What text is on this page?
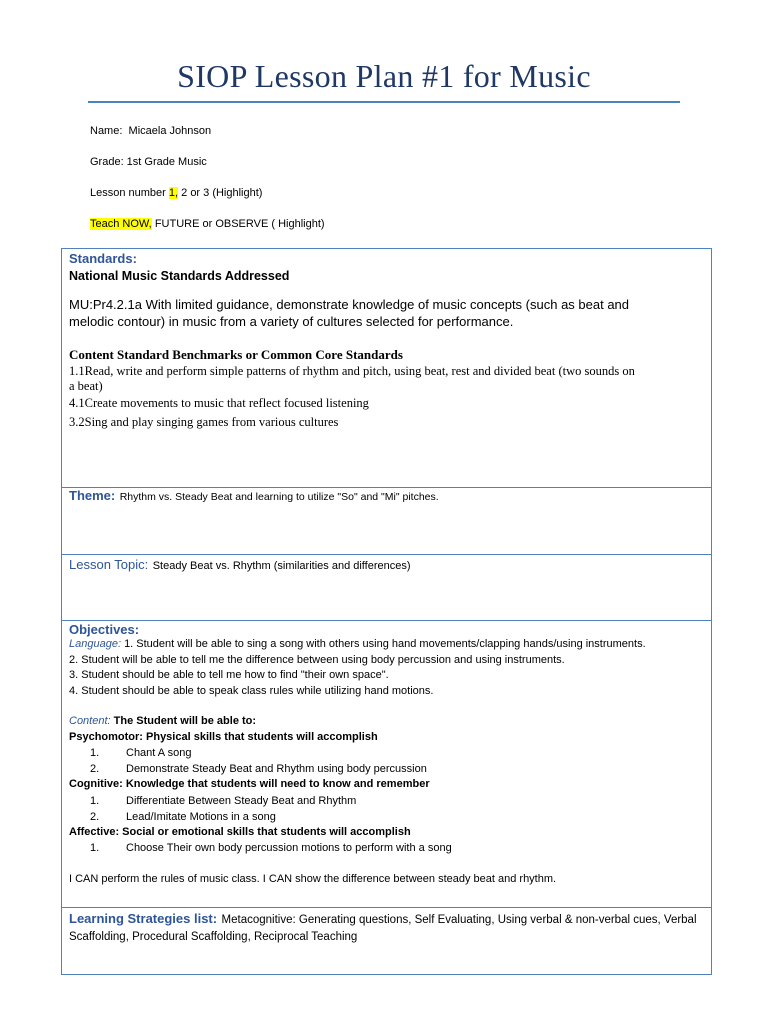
SIOP Lesson Plan #1 for Music
Name: Micaela Johnson
Grade: 1st Grade Music
Lesson number 1, 2 or 3 (Highlight)
Teach NOW, FUTURE or OBSERVE ( Highlight)
Standards:
National Music Standards Addressed
MU:Pr4.2.1a With limited guidance, demonstrate knowledge of music concepts (such as beat and
melodic contour) in music from a variety of cultures selected for performance.
Content Standard Benchmarks or Common Core Standards
1.1Read, write and perform simple patterns of rhythm and pitch, using beat, rest and divided beat (two sounds on
a beat)
4.1Create movements to music that reflect focused listening
3.2Sing and play singing games from various cultures
Theme: Rhythm vs. Steady Beat and learning to utilize "So" and "Mi" pitches.
Lesson Topic: Steady Beat vs. Rhythm (similarities and differences)
Objectives:
Language: 1. Student will be able to sing a song with others using hand movements/clapping hands/using instruments.
2. Student will be able to tell me the difference between using body percussion and using instruments.
3. Student should be able to tell me how to find "their own space".
4. Student should be able to speak class rules while utilizing hand motions.
Content: The Student will be able to:
Psychomotor: Physical skills that students will accomplish
1.	Chant A song
2.	Demonstrate Steady Beat and Rhythm using body percussion
Cognitive: Knowledge that students will need to know and remember
1.	Differentiate Between Steady Beat and Rhythm
2.	Lead/Imitate Motions in a song
Affective: Social or emotional skills that students will accomplish
1.	Choose Their own body percussion motions to perform with a song
I CAN perform the rules of music class. I CAN show the difference between steady beat and rhythm.
Learning Strategies list: Metacognitive: Generating questions, Self Evaluating, Using verbal & non-verbal cues, Verbal
Scaffolding, Procedural Scaffolding, Reciprocal Teaching
